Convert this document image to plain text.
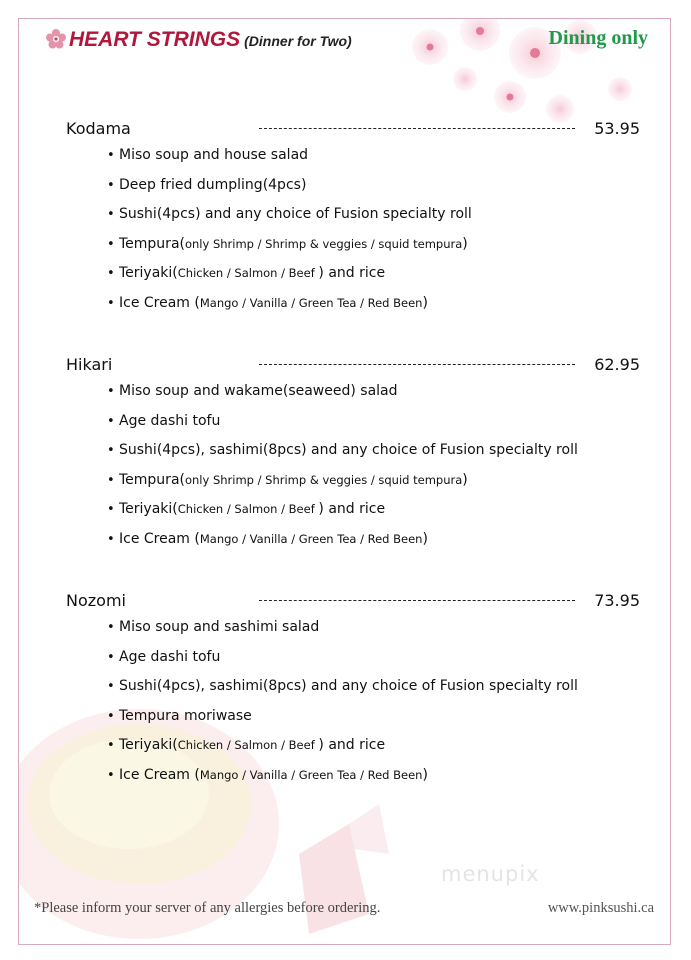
HEART STRINGS (Dinner for Two)	Dining only
Kodama	53.95
• Miso soup and house salad
• Deep fried dumpling(4pcs)
• Sushi(4pcs) and any choice of Fusion specialty roll
• Tempura(only Shrimp / Shrimp & veggies / squid tempura)
• Teriyaki(Chicken / Salmon / Beef ) and rice
• Ice Cream (Mango / Vanilla / Green Tea / Red Been)
Hikari	62.95
• Miso soup and wakame(seaweed) salad
• Age dashi tofu
• Sushi(4pcs), sashimi(8pcs) and any choice of Fusion specialty roll
• Tempura(only Shrimp / Shrimp & veggies / squid tempura)
• Teriyaki(Chicken / Salmon / Beef ) and rice
• Ice Cream (Mango / Vanilla / Green Tea / Red Been)
Nozomi	73.95
• Miso soup and sashimi salad
• Age dashi tofu
• Sushi(4pcs), sashimi(8pcs) and any choice of Fusion specialty roll
• Tempura moriwase
• Teriyaki(Chicken / Salmon / Beef ) and rice
• Ice Cream (Mango / Vanilla / Green Tea / Red Been)
menupix
*Please inform your server of any allergies before ordering.	www.pinksushi.ca
